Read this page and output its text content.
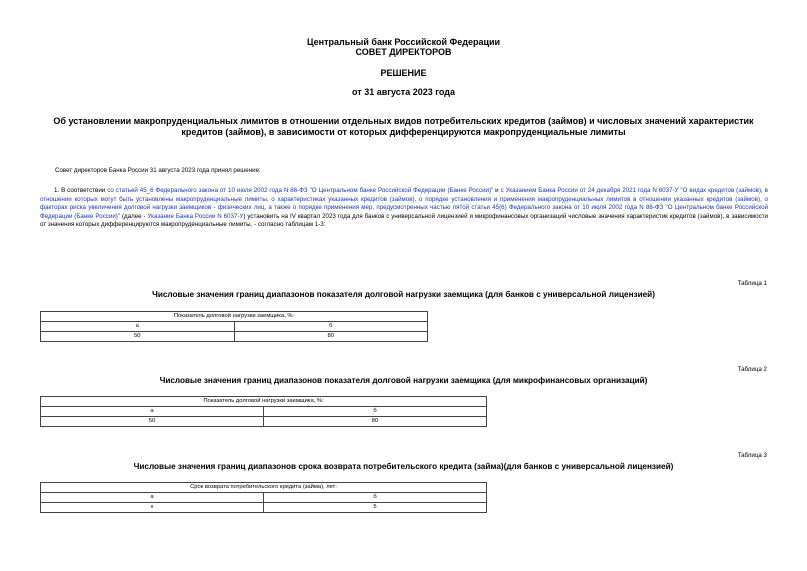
Центральный банк Российской Федерации
СОВЕТ ДИРЕКТОРОВ
РЕШЕНИЕ
от 31 августа 2023 года
Об установлении макропруденциальных лимитов в отношении отдельных видов потребительских кредитов (займов) и числовых значений характеристик кредитов (займов), в зависимости от которых дифференцируются макропруденциальные лимиты
Совет директоров Банка России 31 августа 2023 года принял решение:
1. В соответствии со статьей 45_6 Федерального закона от 10 июля 2002 года N 86-ФЗ "О Центральном банке Российской Федерации (Банке России)" и с Указанием Банка России от 24 декабря 2021 года N 6037-У "О видах кредитов (займов), в отношении которых могут быть установлены макропруденциальные лимиты, о характеристиках указанных кредитов (займов), о порядке установления и применения макропруденциальных лимитов в отношении указанных кредитов (займов), о факторах риска увеличения долговой нагрузки заемщиков - физических лиц, а также о порядке применения мер, предусмотренных частью пятой статьи 45(6) Федерального закона от 10 июля 2002 года N 86-ФЗ "О Центральном банке Российской Федерации (Банке России)" (далее - Указание Банка России N 6037-У) установить на IV квартал 2023 года для банков с универсальной лицензией и микрофинансовых организаций числовые значения характеристик кредитов (займов), в зависимости от значения которых дифференцируются макропруденциальные лимиты, - согласно таблицам 1-3:
Таблица 1
Числовые значения границ диапазонов показателя долговой нагрузки заемщика (для банков с универсальной лицензией)
Показатель долговой нагрузки заемщика, %:	
а	б
50	80
Таблица 2
Числовые значения границ диапазонов показателя долговой нагрузки заемщика (для микрофинансовых организаций)
Показатель долговой нагрузки заемщика, %:	
а	б
50	80
Таблица 3
Числовые значения границ диапазонов срока возврата потребительского кредита (займа)(для банков с универсальной лицензией)
Срок возврата потребительского кредита (займа), лет:	
а	б
х	5
